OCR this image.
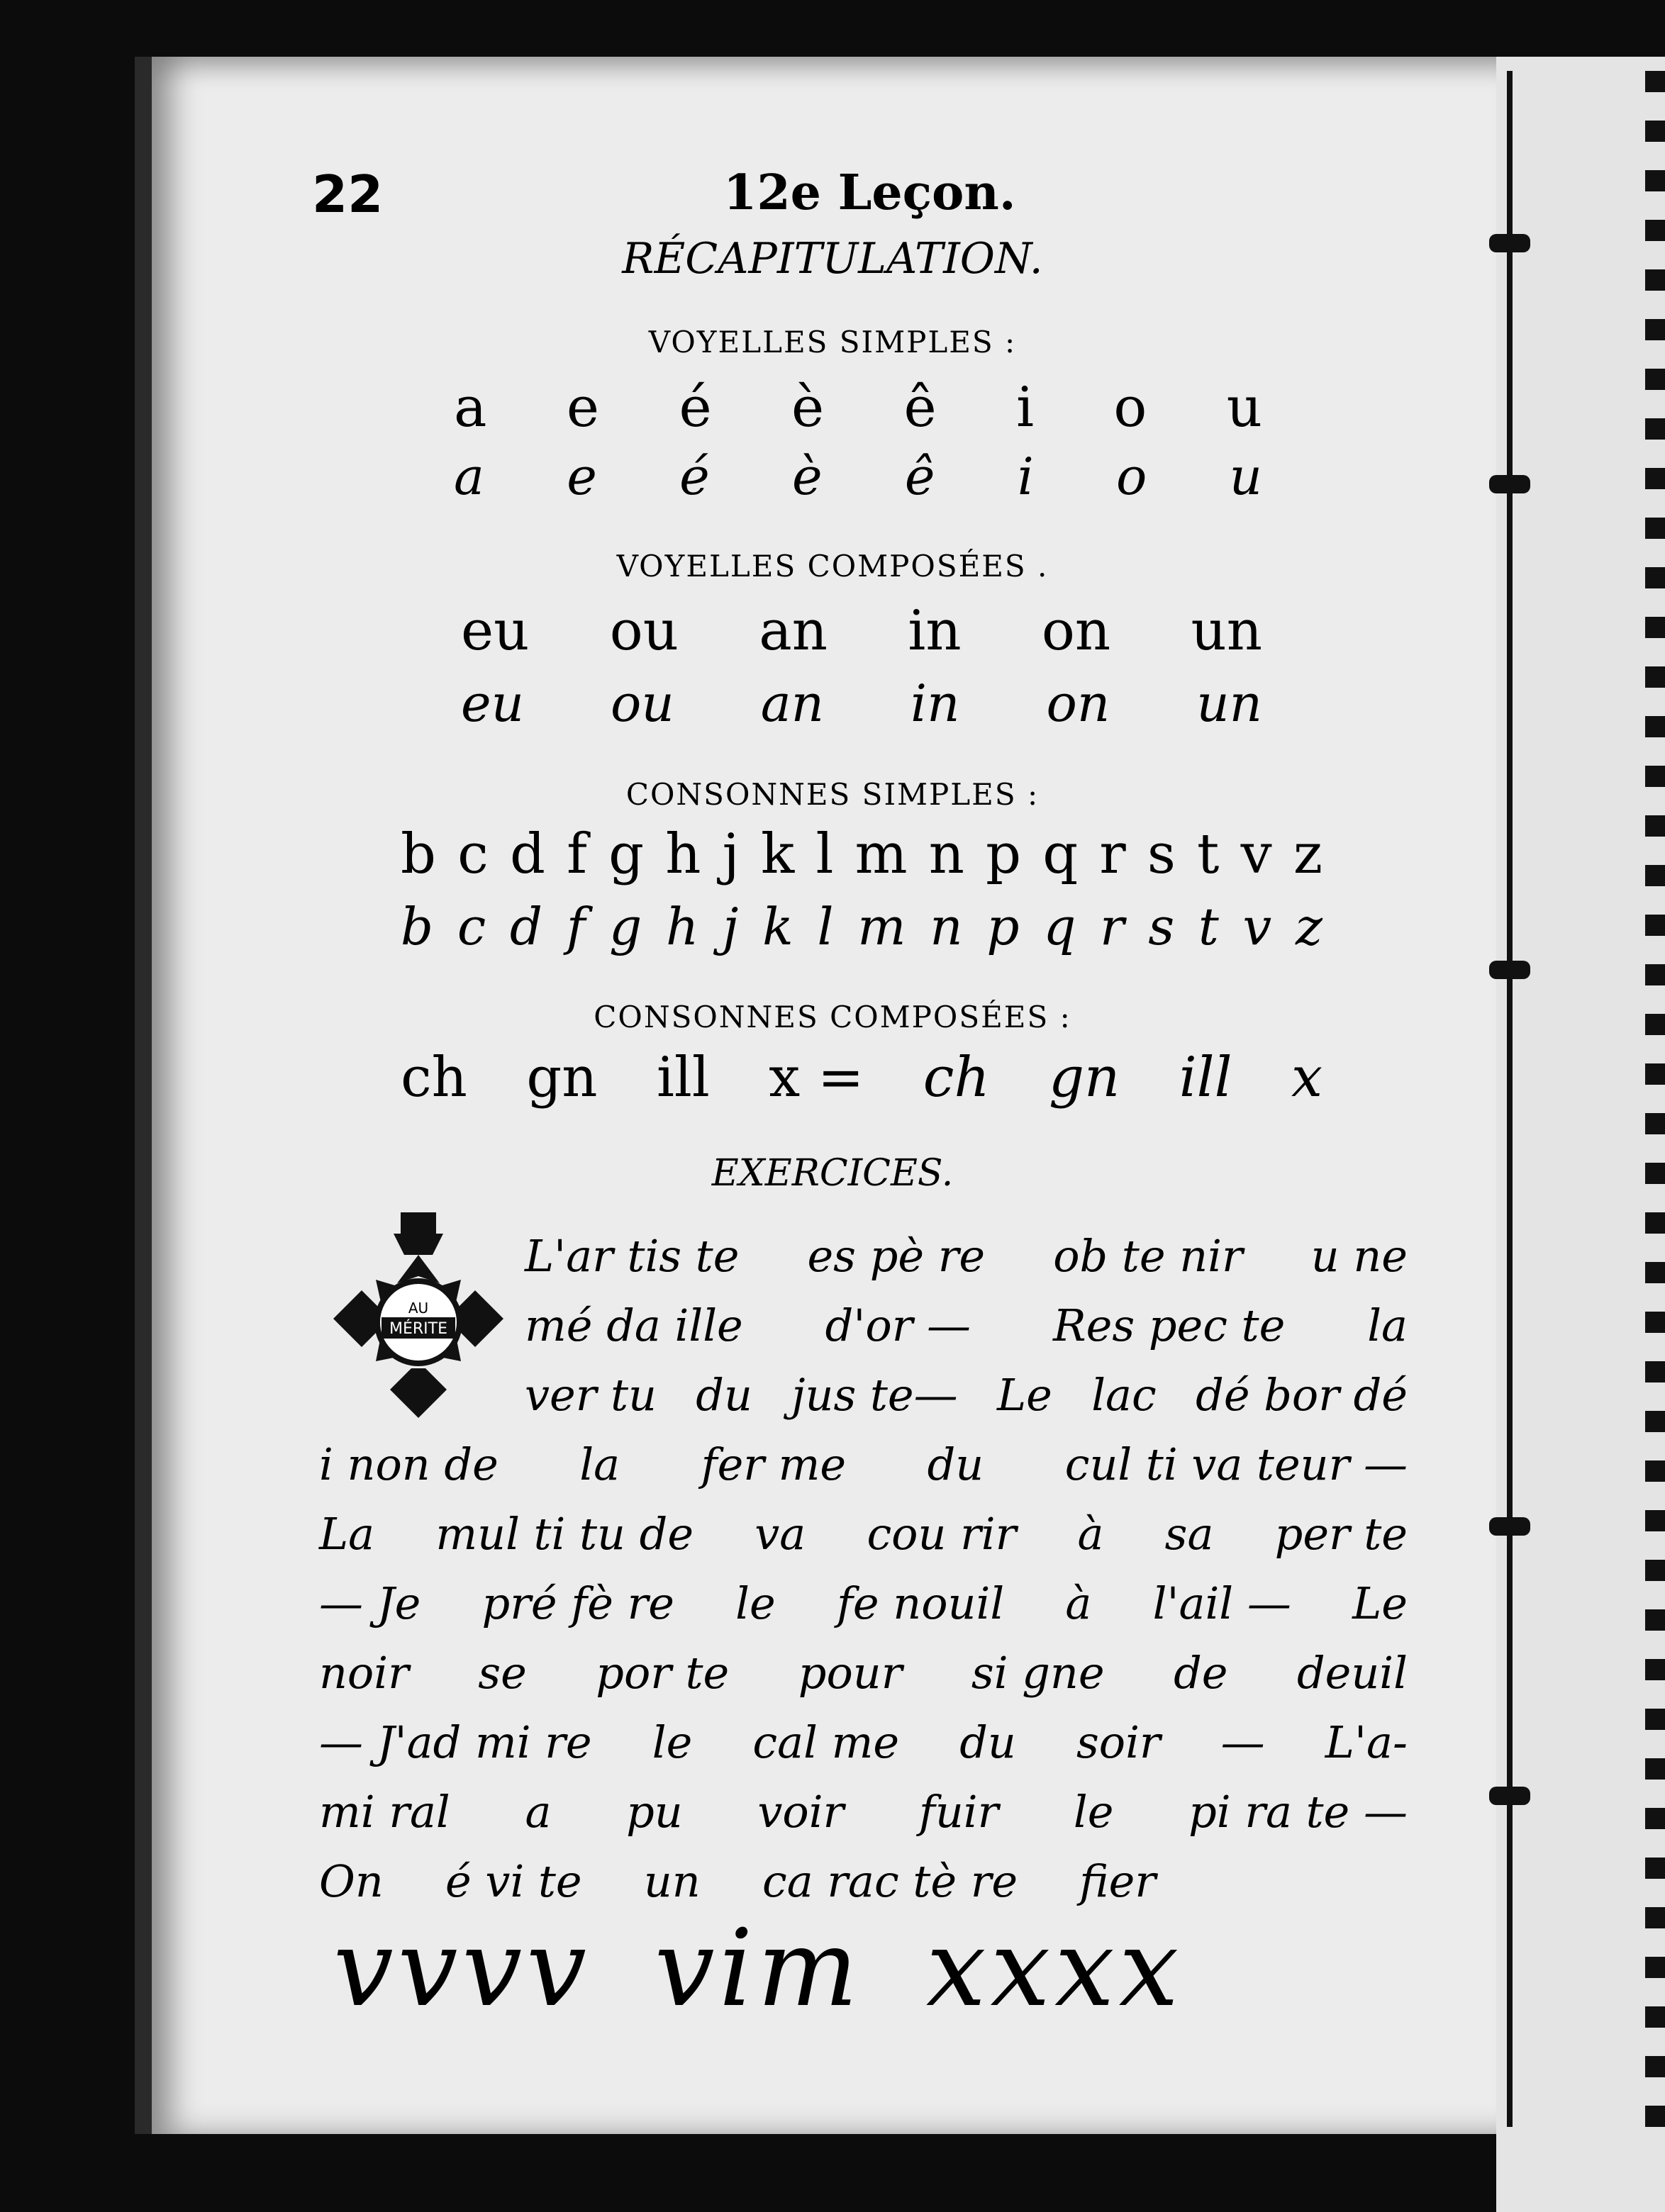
22	12e Leçon.
RÉCAPITULATION.
VOYELLES SIMPLES :
a e é è ê i o u
a e é è ê i o u
VOYELLES COMPOSÉES .
eu ou an in on un
eu ou an in on un
CONSONNES SIMPLES :
b c d f g h j k l m n p q r s t v z
b c d f g h j k l m n p q r s t v z
CONSONNES COMPOSÉES :
ch gn ill x = ch gn ill x
EXERCICES.
AU
MÉRITE
L'ar tis te es pè re ob te nir u ne
mé da ille d'or — Res pec te la
ver tu du jus te— Le lac dé bor dé
i non de la fer me du cul ti va teur —
La mul ti tu de va cou rir à sa per te
— Je pré fè re le fe nouil à l'ail — Le
noir se por te pour si gne de deuil
— J'ad mi re le cal me du soir — L'a-
mi ral a pu voir fuir le pi ra te —
On é vi te un ca rac tè re fier
vvvv vim xxxx
